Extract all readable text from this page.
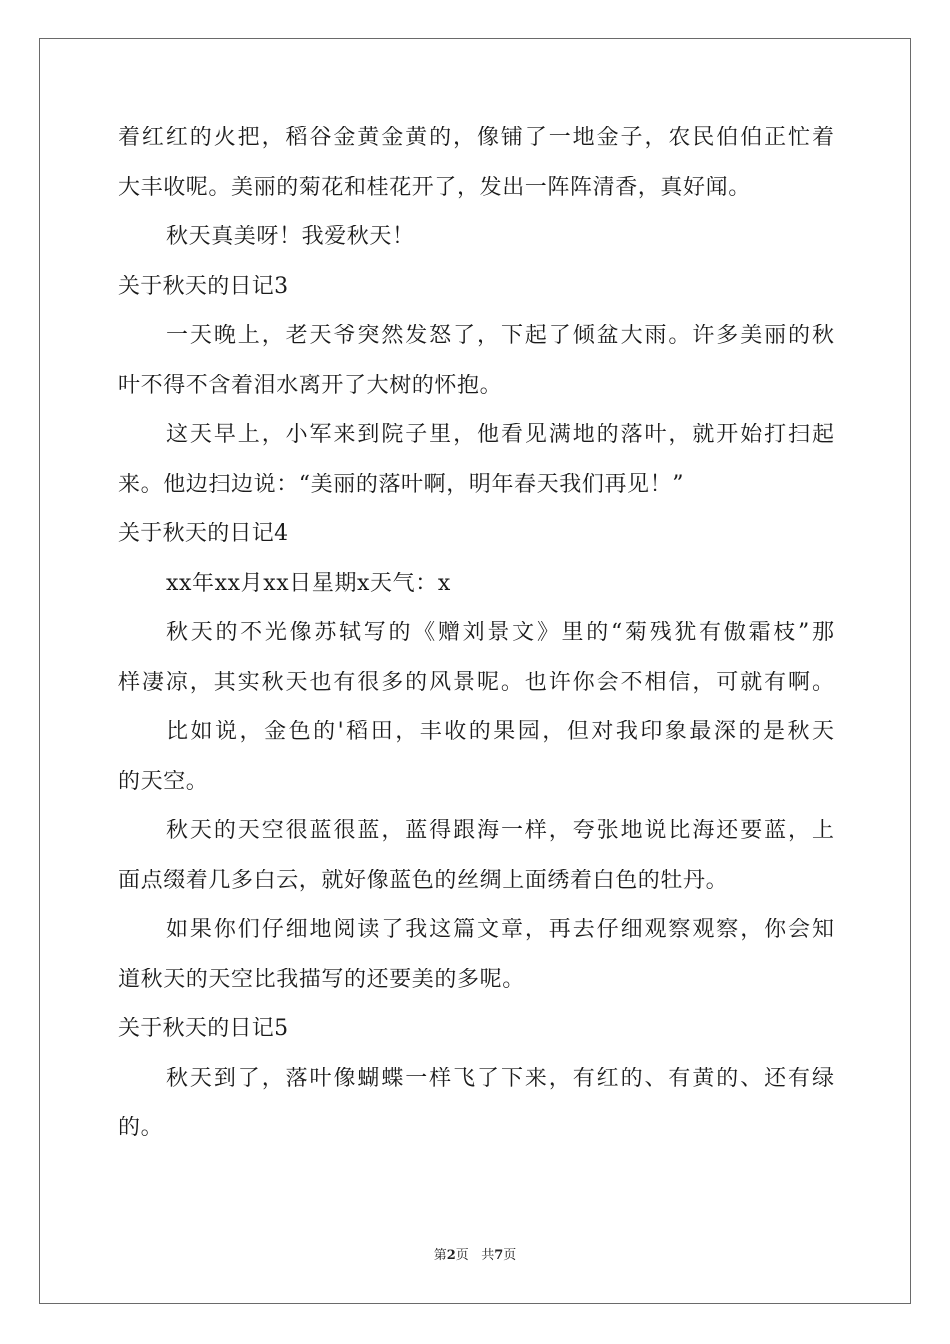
着红红的火把，稻谷金黄金黄的，像铺了一地金子，农民伯伯正忙着
大丰收呢。美丽的菊花和桂花开了，发出一阵阵清香，真好闻。
秋天真美呀！我爱秋天！
关于秋天的日记3
一天晚上，老天爷突然发怒了，下起了倾盆大雨。许多美丽的秋
叶不得不含着泪水离开了大树的怀抱。
这天早上，小军来到院子里，他看见满地的落叶，就开始打扫起
来。他边扫边说：“美丽的落叶啊，明年春天我们再见！”
关于秋天的日记4
xx年xx月xx日星期x天气：x
秋天的不光像苏轼写的《赠刘景文》里的“菊残犹有傲霜枝”那
样凄凉，其实秋天也有很多的风景呢。也许你会不相信，可就有啊。
比如说，金色的'稻田，丰收的果园，但对我印象最深的是秋天
的天空。
秋天的天空很蓝很蓝，蓝得跟海一样，夸张地说比海还要蓝，上
面点缀着几多白云，就好像蓝色的丝绸上面绣着白色的牡丹。
如果你们仔细地阅读了我这篇文章，再去仔细观察观察，你会知
道秋天的天空比我描写的还要美的多呢。
关于秋天的日记5
秋天到了，落叶像蝴蝶一样飞了下来，有红的、有黄的、还有绿
的。
第2页 共7页
